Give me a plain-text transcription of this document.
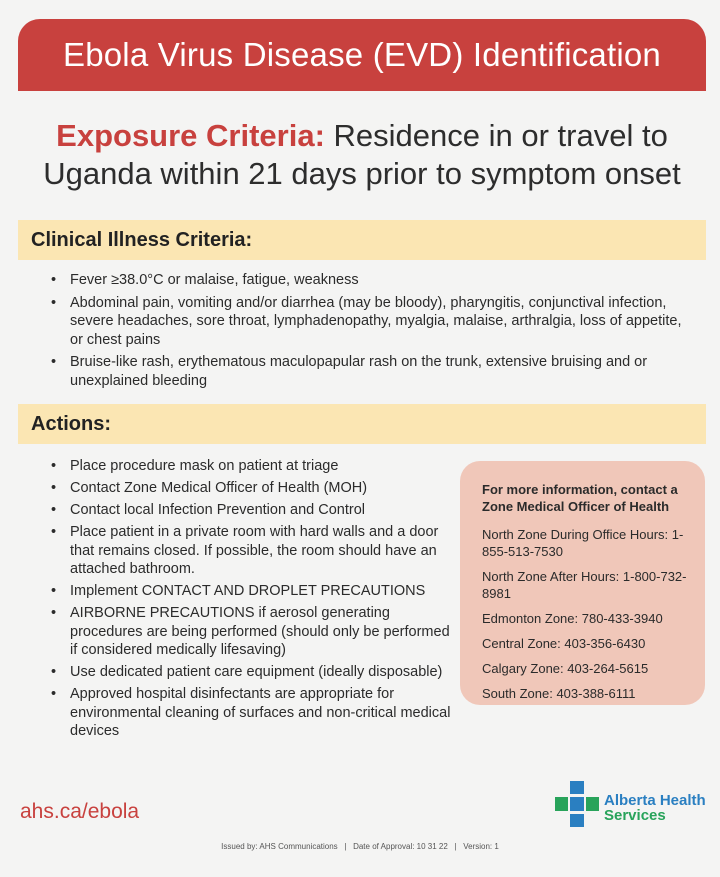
Ebola Virus Disease (EVD) Identification
Exposure Criteria: Residence in or travel to
Uganda within 21 days prior to symptom onset
Clinical Illness Criteria:
• Fever ≥38.0°C or malaise, fatigue, weakness
• Abdominal pain, vomiting and/or diarrhea (may be bloody), pharyngitis, conjunctival infection, severe headaches, sore throat, lymphadenopathy, myalgia, malaise, arthralgia, loss of appetite, or chest pains
• Bruise-like rash, erythematous maculopapular rash on the trunk, extensive bruising and or unexplained bleeding
Actions:
• Place procedure mask on patient at triage
• Contact Zone Medical Officer of Health (MOH)
• Contact local Infection Prevention and Control
• Place patient in a private room with hard walls and a door that remains closed. If possible, the room should have an attached bathroom.
• Implement CONTACT AND DROPLET PRECAUTIONS
• AIRBORNE PRECAUTIONS if aerosol generating procedures are being performed (should only be performed if considered medically lifesaving)
• Use dedicated patient care equipment (ideally disposable)
• Approved hospital disinfectants are appropriate for environmental cleaning of surfaces and non-critical medical devices
For more information, contact a Zone Medical Officer of Health
North Zone During Office Hours: 1-855-513-7530
North Zone After Hours: 1-800-732-8981
Edmonton Zone: 780-433-3940
Central Zone: 403-356-6430
Calgary Zone: 403-264-5615
South Zone: 403-388-6111
ahs.ca/ebola	Alberta Health
Services
Issued by: AHS Communications   |   Date of Approval: 10 31 22   |   Version: 1
